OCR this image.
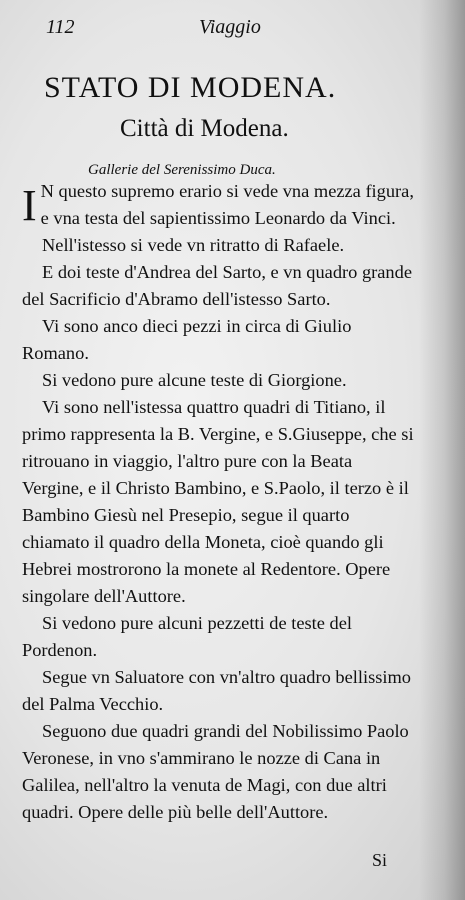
112	Viaggio
STATO DI MODENA.
Città di Modena.
Gallerie del Serenissimo Duca.

I N questo supremo erario si vede vna mezza figura, e vna testa del sapientissimo Leonardo da Vinci.

Nell'istesso si vede vn ritratto di Rafaele.

E doi teste d'Andrea del Sarto, e vn quadro grande del Sacrificio d'Abramo dell'istesso Sarto.

Vi sono anco dieci pezzi in circa di Giulio Romano.

Si vedono pure alcune teste di Giorgione.

Vi sono nell'istessa quattro quadri di Titiano, il primo rappresenta la B. Vergine, e S.Giuseppe, che si ritrouano in viaggio, l'altro pure con la Beata Vergine, e il Christo Bambino, e S.Paolo, il terzo è il Bambino Giesù nel Presepio, segue il quarto chiamato il quadro della Moneta, cioè quando gli Hebrei mostrorono la monete al Redentore. Opere singolare dell'Auttore.

Si vedono pure alcuni pezzetti de teste del Pordenon.

Segue vn Saluatore con vn'altro quadro bellissimo del Palma Vecchio.

Seguono due quadri grandi del Nobilissimo Paolo Veronese, in vno s'ammirano le nozze di Cana in Galilea, nell'altro la venuta de Magi, con due altri quadri. Opere delle più belle dell'Auttore.

Si
